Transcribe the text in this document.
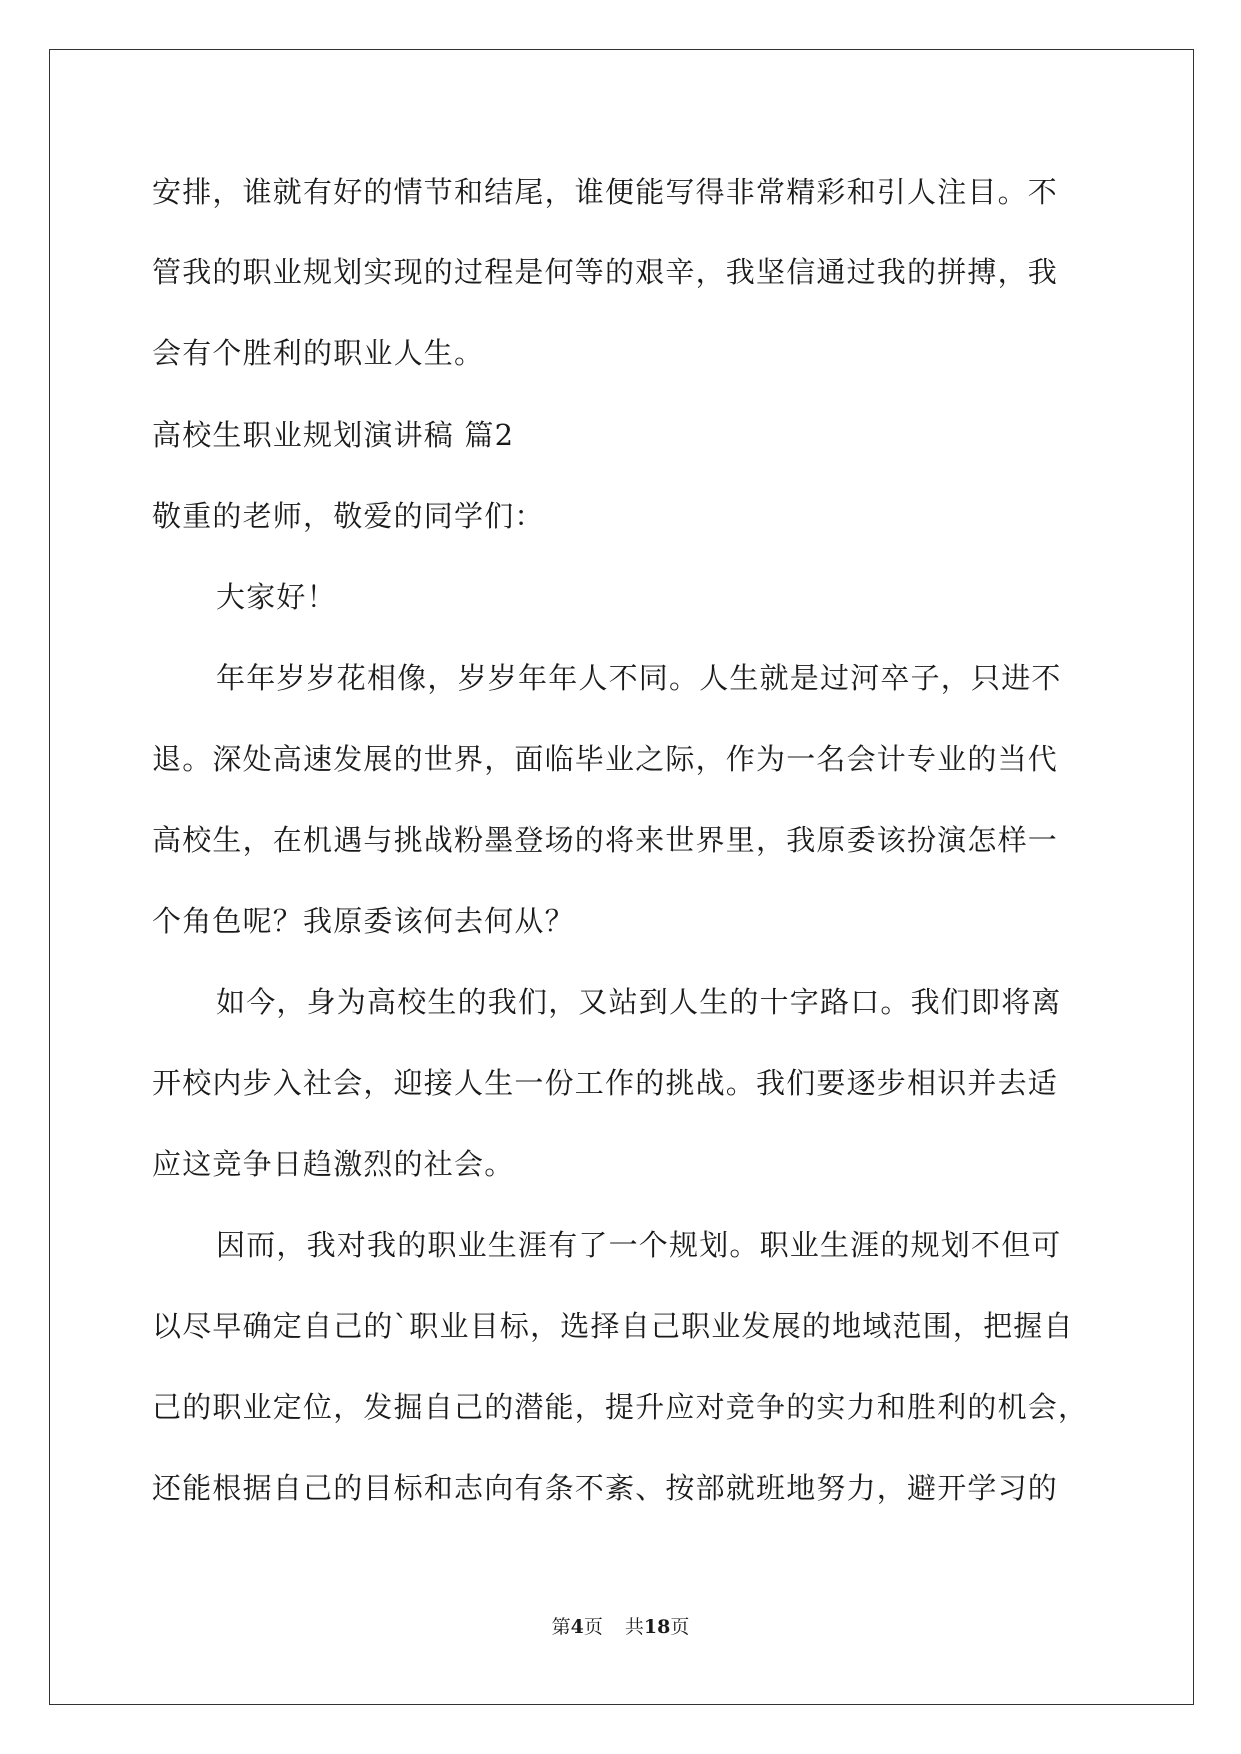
安排，谁就有好的情节和结尾，谁便能写得非常精彩和引人注目。不
管我的职业规划实现的过程是何等的艰辛，我坚信通过我的拼搏，我
会有个胜利的职业人生。
高校生职业规划演讲稿 篇2
敬重的老师，敬爱的同学们：
大家好！
年年岁岁花相像，岁岁年年人不同。人生就是过河卒子，只进不
退。深处高速发展的世界，面临毕业之际，作为一名会计专业的当代
高校生，在机遇与挑战粉墨登场的将来世界里，我原委该扮演怎样一
个角色呢？我原委该何去何从？
如今，身为高校生的我们，又站到人生的十字路口。我们即将离
开校内步入社会，迎接人生一份工作的挑战。我们要逐步相识并去适
应这竞争日趋激烈的社会。
因而，我对我的职业生涯有了一个规划。职业生涯的规划不但可
以尽早确定自己的`职业目标，选择自己职业发展的地域范围，把握自
己的职业定位，发掘自己的潜能，提升应对竞争的实力和胜利的机会，
还能根据自己的目标和志向有条不紊、按部就班地努力，避开学习的
第4页 共18页
